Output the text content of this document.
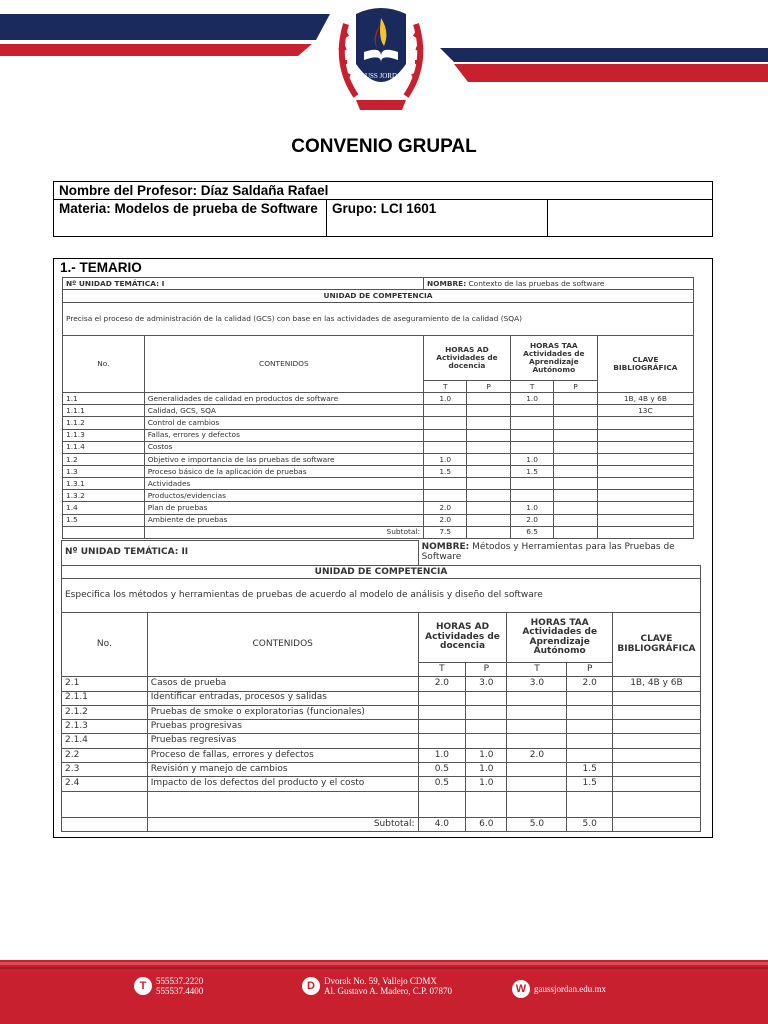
GAUSS JORDAN
CONVENIO GRUPAL
Nombre del Profesor: Díaz Saldaña Rafael
Materia: Modelos de prueba de Software	Grupo: LCI 1601	
1.- TEMARIO
Nº UNIDAD TEMÁTICA: I		NOMBRE: Contexto de las pruebas de software				
UNIDAD DE COMPETENCIA						
Precisa el proceso de administración de la calidad (GCS) con base en las actividades de aseguramiento de la calidad (SQA)						
No.	CONTENIDOS	HORAS AD Actividades de docencia		HORAS TAA Actividades de Aprendizaje Autónomo		CLAVE BIBLIOGRÁFICA
		T	P	T	P	
1.1	Generalidades de calidad en productos de software	1.0		1.0		1B, 4B y 6B
1.1.1	Calidad, GCS, SQA					13C
1.1.2	Control de cambios					
1.1.3	Fallas, errores y defectos					
1.1.4	Costos					
1.2	Objetivo e importancia de las pruebas de software	1.0		1.0		
1.3	Proceso básico de la aplicación de pruebas	1.5		1.5		
1.3.1	Actividades					
1.3.2	Productos/evidencias					
1.4	Plan de pruebas	2.0		1.0		
1.5	Ambiente de pruebas	2.0		2.0		
	Subtotal:	7.5		6.5		
Nº UNIDAD TEMÁTICA: II		NOMBRE: Métodos y Herramientas para las Pruebas de Software				
UNIDAD DE COMPETENCIA						
Especifica los métodos y herramientas de pruebas de acuerdo al modelo de análisis y diseño del software						
No.	CONTENIDOS	HORAS AD Actividades de docencia		HORAS TAA Actividades de Aprendizaje Autónomo		CLAVE BIBLIOGRÁFICA
		T	P	T	P	
2.1	Casos de prueba	2.0	3.0	3.0	2.0	1B, 4B y 6B
2.1.1	Identificar entradas, procesos y salidas					
2.1.2	Pruebas de smoke o exploratorias (funcionales)					
2.1.3	Pruebas progresivas					
2.1.4	Pruebas regresivas					
2.2	Proceso de fallas, errores y defectos	1.0	1.0	2.0		
2.3	Revisión y manejo de cambios	0.5	1.0		1.5	
2.4	Impacto de los defectos del producto y el costo	0.5	1.0		1.5	

	Subtotal:	4.0	6.0	5.0	5.0	
T	555537.2220
555537.4400	D	Dvorak No. 59, Vallejo CDMX
Al. Gustavo A. Madero, C.P. 07870	W gaussjordan.edu.mx
